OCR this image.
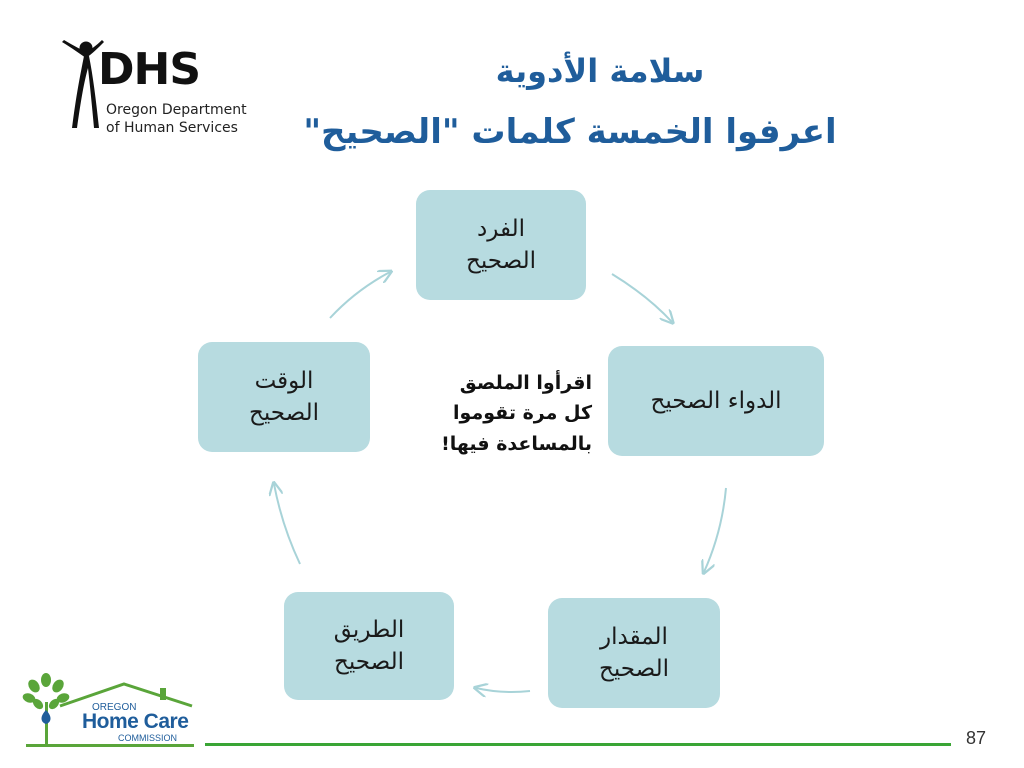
DHS
Oregon Department
of Human Services
سلامة الأدوية
اعرفوا الخمسة كلمات "الصحيح"
الفرد
الصحيح
الدواء الصحيح
المقدار
الصحيح
الطريق
الصحيح
الوقت
الصحيح
اقرأوا الملصق
كل مرة تقوموا
بالمساعدة فيها!
OREGON
Home Care
COMMISSION	87
